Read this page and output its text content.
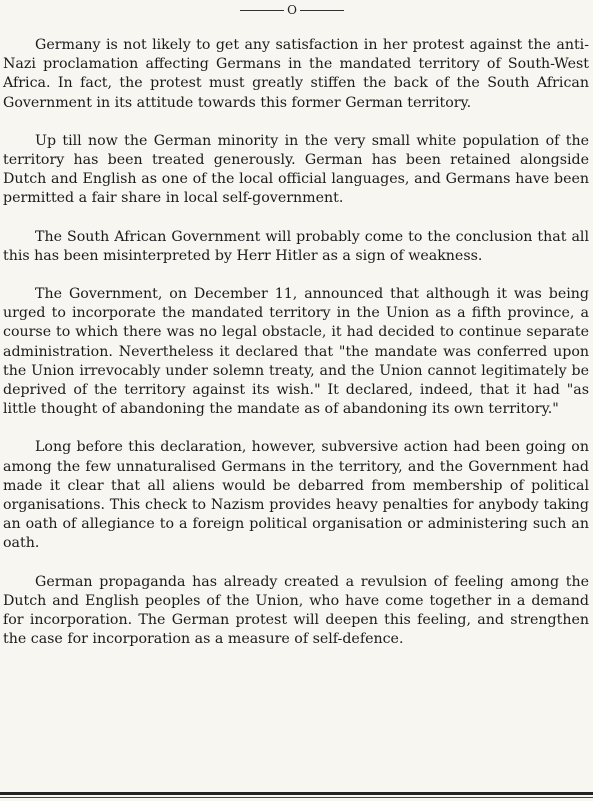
O

Germany is not likely to get any satisfaction in her protest against the anti-Nazi proclamation affecting Germans in the mandated territory of South-West Africa. In fact, the protest must greatly stiffen the back of the South African Government in its attitude towards this former German territory.

Up till now the German minority in the very small white population of the territory has been treated generously. German has been retained alongside Dutch and English as one of the local official languages, and Germans have been permitted a fair share in local self-government.

The South African Government will probably come to the conclusion that all this has been misinterpreted by Herr Hitler as a sign of weakness.

The Government, on December 11, announced that although it was being urged to incorporate the mandated territory in the Union as a fifth province, a course to which there was no legal obstacle, it had decided to continue separate administration. Nevertheless it declared that "the mandate was conferred upon the Union irrevocably under solemn treaty, and the Union cannot legitimately be deprived of the territory against its wish." It declared, indeed, that it had "as little thought of abandoning the mandate as of abandoning its own territory."

Long before this declaration, however, subversive action had been going on among the few unnaturalised Germans in the territory, and the Government had made it clear that all aliens would be debarred from membership of political organisations. This check to Nazism provides heavy penalties for anybody taking an oath of allegiance to a foreign political organisation or administering such an oath.

German propaganda has already created a revulsion of feeling among the Dutch and English peoples of the Union, who have come together in a demand for incorporation. The German protest will deepen this feeling, and strengthen the case for incorporation as a measure of self-defence.
